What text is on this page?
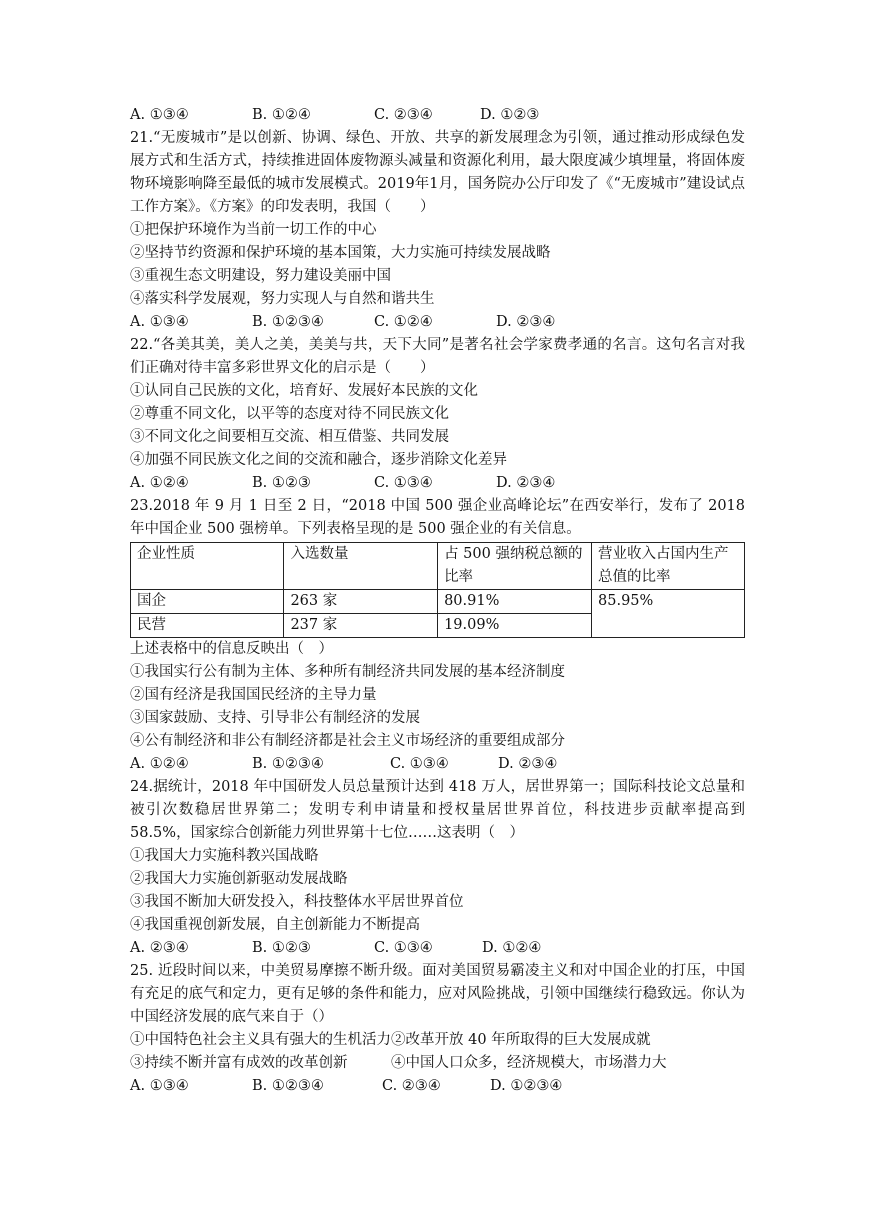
A. ①③④	B. ①②④	C. ②③④	D. ①②③
21.“无废城市”是以创新、协调、绿色、开放、共享的新发展理念为引领，通过推动形成绿色发展方式和生活方式，持续推进固体废物源头减量和资源化利用，最大限度减少填埋量，将固体废物环境影响降至最低的城市发展模式。2019年1月，国务院办公厅印发了《“无废城市”建设试点工作方案》。《方案》的印发表明，我国（　　）
①把保护环境作为当前一切工作的中心
②坚持节约资源和保护环境的基本国策，大力实施可持续发展战略
③重视生态文明建设，努力建设美丽中国
④落实科学发展观，努力实现人与自然和谐共生
A. ①③④	B. ①②③④	C. ①②④	D. ②③④
22.“各美其美，美人之美，美美与共，天下大同”是著名社会学家费孝通的名言。这句名言对我们正确对待丰富多彩世界文化的启示是（　　）
①认同自己民族的文化，培育好、发展好本民族的文化
②尊重不同文化，以平等的态度对待不同民族文化
③不同文化之间要相互交流、相互借鉴、共同发展
④加强不同民族文化之间的交流和融合，逐步消除文化差异
A. ①②④	B. ①②③	C. ①③④	D. ②③④
23.2018 年 9 月 1 日至 2 日，“2018 中国 500 强企业高峰论坛”在西安举行，发布了 2018 年中国企业 500 强榜单。下列表格呈现的是 500 强企业的有关信息。
企业性质	入选数量	占 500 强纳税总额的比率	营业收入占国内生产总值的比率
国企	263 家	80.91%	85.95%
民营	237 家	19.09%	
上述表格中的信息反映出（　）
①我国实行公有制为主体、多种所有制经济共同发展的基本经济制度
②国有经济是我国国民经济的主导力量
③国家鼓励、支持、引导非公有制经济的发展
④公有制经济和非公有制经济都是社会主义市场经济的重要组成部分
A. ①②④	B. ①②③④	C. ①③④	D. ②③④
24.据统计，2018 年中国研发人员总量预计达到 418 万人，居世界第一；国际科技论文总量和被引次数稳居世界第二；发明专利申请量和授权量居世界首位，科技进步贡献率提高到 58.5%，国家综合创新能力列世界第十七位……这表明（　）
①我国大力实施科教兴国战略
②我国大力实施创新驱动发展战略
③我国不断加大研发投入，科技整体水平居世界首位
④我国重视创新发展，自主创新能力不断提高
A. ②③④	B. ①②③	C. ①③④	D. ①②④
25. 近段时间以来，中美贸易摩擦不断升级。面对美国贸易霸凌主义和对中国企业的打压，中国有充足的底气和定力，更有足够的条件和能力，应对风险挑战，引领中国继续行稳致远。你认为中国经济发展的底气来自于（）
①中国特色社会主义具有强大的生机活力②改革开放 40 年所取得的巨大发展成就
③持续不断并富有成效的改革创新　　　④中国人口众多，经济规模大，市场潜力大
A. ①③④	B. ①②③④	C. ②③④	D. ①②③④
